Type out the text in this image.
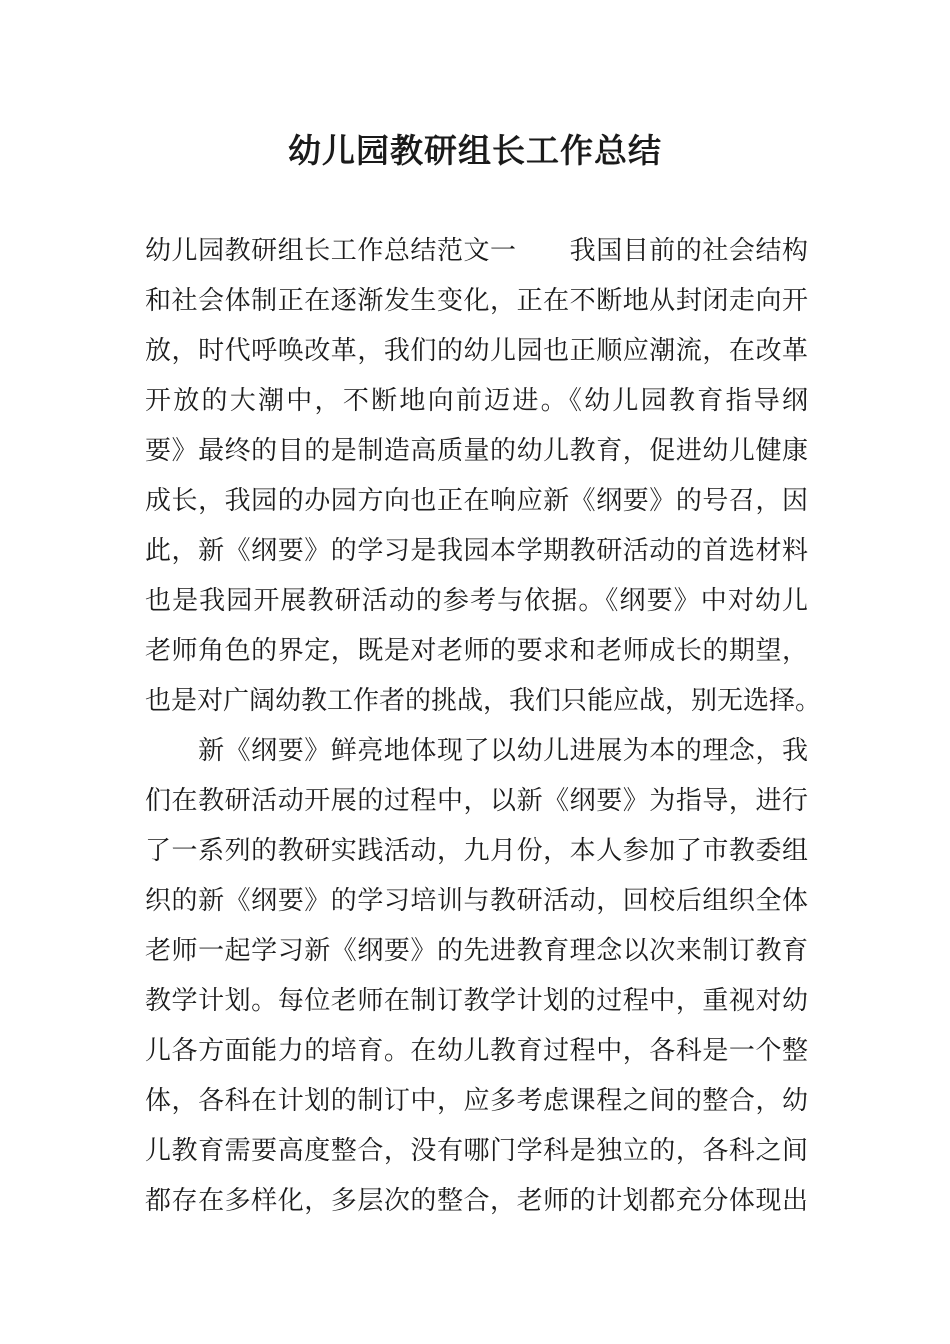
幼儿园教研组长工作总结
幼儿园教研组长工作总结范文一　　我国目前的社会结构
和社会体制正在逐渐发生变化，正在不断地从封闭走向开
放，时代呼唤改革，我们的幼儿园也正顺应潮流，在改革
开放的大潮中，不断地向前迈进。《幼儿园教育指导纲
要》最终的目的是制造高质量的幼儿教育，促进幼儿健康
成长，我园的办园方向也正在响应新《纲要》的号召，因
此，新《纲要》的学习是我园本学期教研活动的首选材料
也是我园开展教研活动的参考与依据。《纲要》中对幼儿
老师角色的界定，既是对老师的要求和老师成长的期望，
也是对广阔幼教工作者的挑战，我们只能应战，别无选择。
　　新《纲要》鲜亮地体现了以幼儿进展为本的理念，我
们在教研活动开展的过程中，以新《纲要》为指导，进行
了一系列的教研实践活动，九月份，本人参加了市教委组
织的新《纲要》的学习培训与教研活动，回校后组织全体
老师一起学习新《纲要》的先进教育理念以次来制订教育
教学计划。每位老师在制订教学计划的过程中，重视对幼
儿各方面能力的培育。在幼儿教育过程中，各科是一个整
体，各科在计划的制订中，应多考虑课程之间的整合，幼
儿教育需要高度整合，没有哪门学科是独立的，各科之间
都存在多样化，多层次的整合，老师的计划都充分体现出
